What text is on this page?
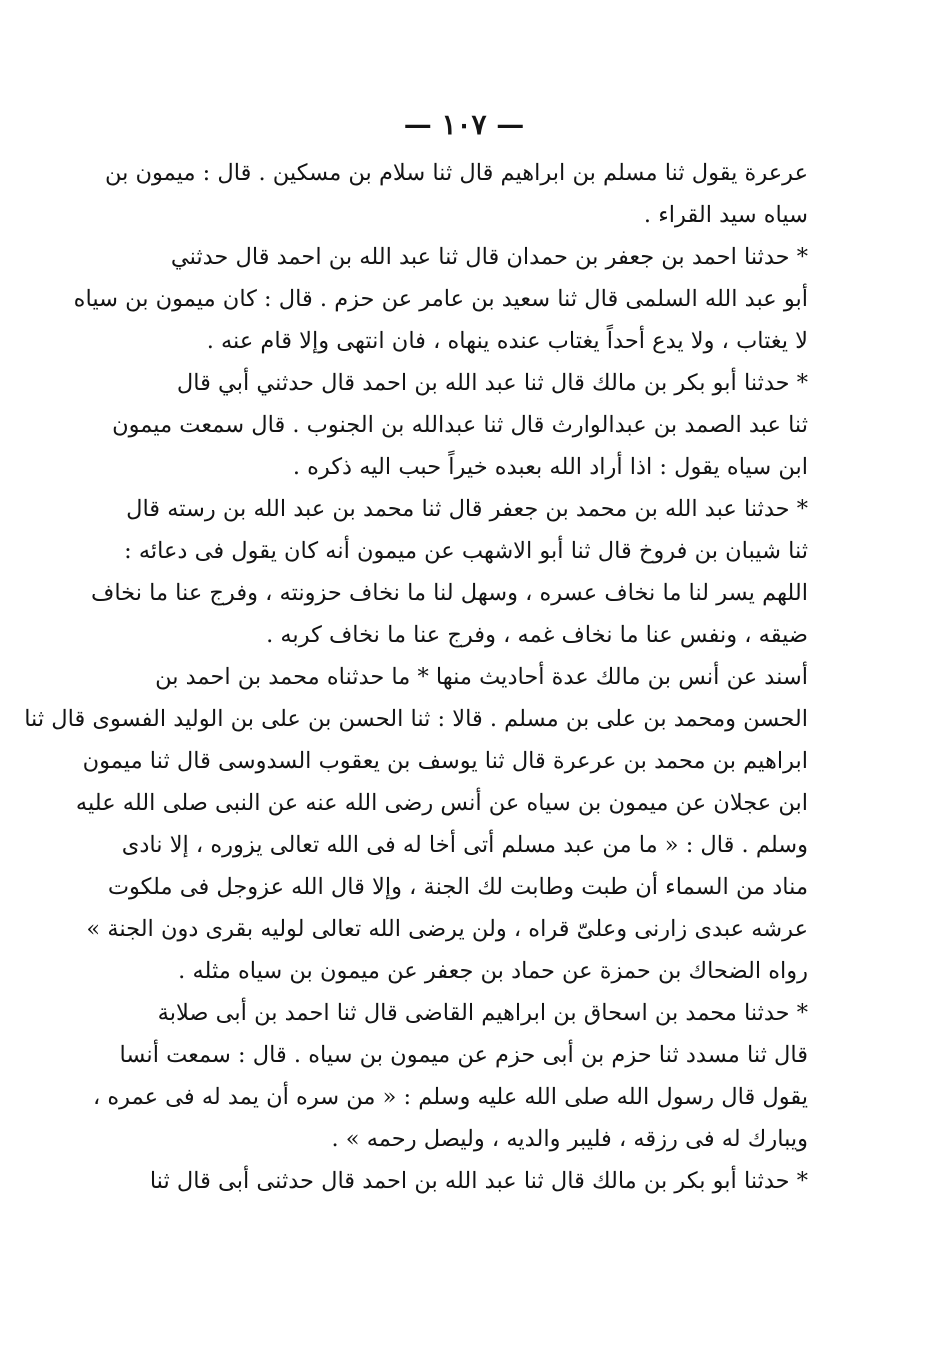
— ١٠٧ —
عرعرة يقول ثنا مسلم بن ابراهيم قال ثنا سلام بن مسكين . قال : ميمون بن
سياه سيد القراء .
* حدثنا احمد بن جعفر بن حمدان قال ثنا عبد الله بن احمد قال حدثني
أبو عبد الله السلمى قال ثنا سعيد بن عامر عن حزم . قال : كان ميمون بن سياه
لا يغتاب ، ولا يدع أحداً يغتاب عنده ينهاه ، فان انتهى وإلا قام عنه .
* حدثنا أبو بكر بن مالك قال ثنا عبد الله بن احمد قال حدثني أبي قال
ثنا عبد الصمد بن عبدالوارث قال ثنا عبدالله بن الجنوب . قال سمعت ميمون
ابن سياه يقول : اذا أراد الله بعبده خيراً حبب اليه ذكره .
* حدثنا عبد الله بن محمد بن جعفر قال ثنا محمد بن عبد الله بن رسته قال
ثنا شيبان بن فروخ قال ثنا أبو الاشهب عن ميمون أنه كان يقول فى دعائه :
اللهم يسر لنا ما نخاف عسره ، وسهل لنا ما نخاف حزونته ، وفرج عنا ما نخاف
ضيقه ، ونفس عنا ما نخاف غمه ، وفرج عنا ما نخاف كربه .
أسند عن أنس بن مالك عدة أحاديث منها * ما حدثناه محمد بن احمد بن
الحسن ومحمد بن على بن مسلم . قالا : ثنا الحسن بن على بن الوليد الفسوى قال ثنا
ابراهيم بن محمد بن عرعرة قال ثنا يوسف بن يعقوب السدوسى قال ثنا ميمون
ابن عجلان عن ميمون بن سياه عن أنس رضى الله عنه عن النبى صلى الله عليه
وسلم . قال : « ما من عبد مسلم أتى أخا له فى الله تعالى يزوره ، إلا نادى
مناد من السماء أن طبت وطابت لك الجنة ، وإلا قال الله عزوجل فى ملكوت
عرشه عبدى زارنى وعلىّ قراه ، ولن يرضى الله تعالى لوليه بقرى دون الجنة »
رواه الضحاك بن حمزة عن حماد بن جعفر عن ميمون بن سياه مثله .
* حدثنا محمد بن اسحاق بن ابراهيم القاضى قال ثنا احمد بن أبى صلابة
قال ثنا مسدد ثنا حزم بن أبى حزم عن ميمون بن سياه . قال : سمعت أنسا
يقول قال رسول الله صلى الله عليه وسلم : « من سره أن يمد له فى عمره ،
ويبارك له فى رزقه ، فليبر والديه ، وليصل رحمه » .
* حدثنا أبو بكر بن مالك قال ثنا عبد الله بن احمد قال حدثنى أبى قال ثنا
